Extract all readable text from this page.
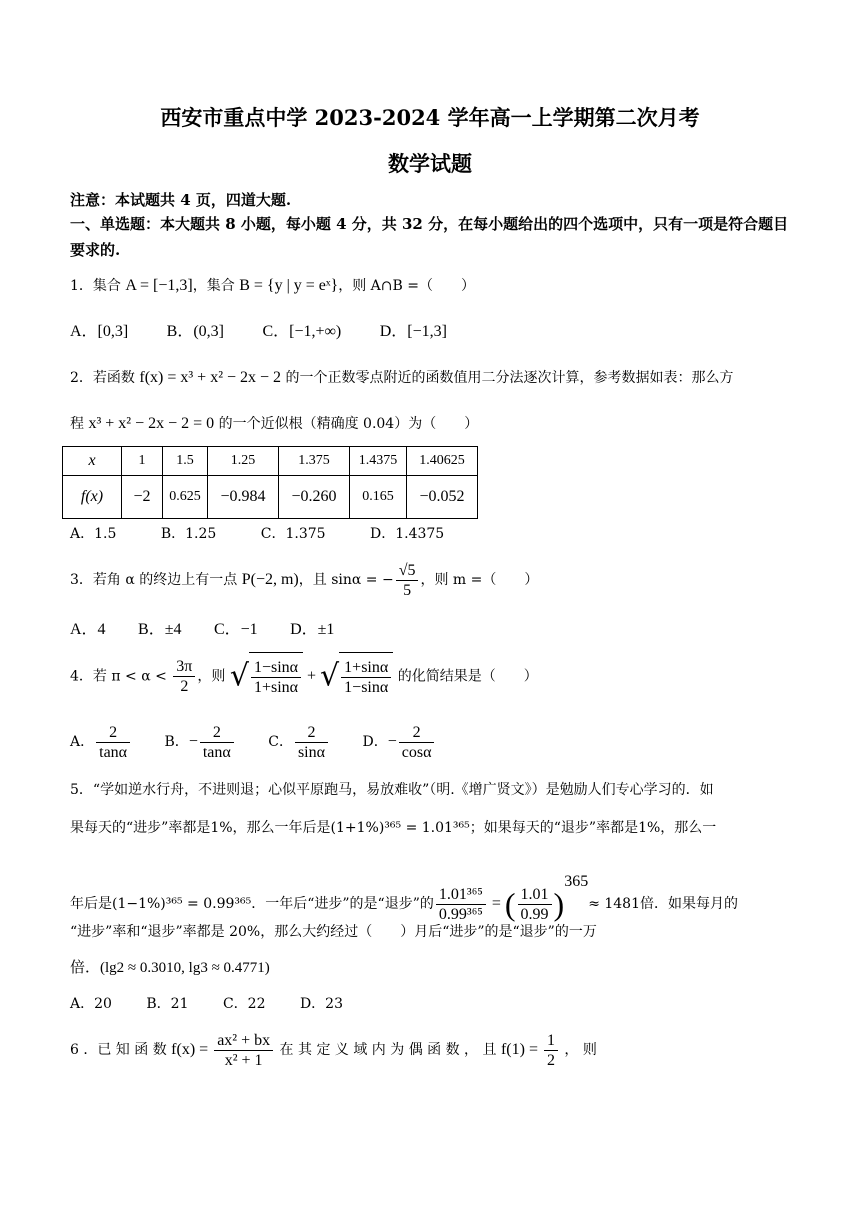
西安市重点中学 2023-2024 学年高一上学期第二次月考
数学试题
注意：本试题共 4 页，四道大题.
一、单选题：本大题共 8 小题，每小题 4 分，共 32 分，在每小题给出的四个选项中，只有一项是符合题目要求的.
1．集合 A = [−1,3]，集合 B = {y | y = eˣ}，则 A∩B =（　　）
A．[0,3] B．(0,3] C．[−1,+∞) D．[−1,3]
2．若函数 f(x) = x³ + x² − 2x − 2 的一个正数零点附近的函数值用二分法逐次计算，参考数据如表：那么方
程 x³ + x² − 2x − 2 = 0 的一个近似根（精确度 0.04）为（　　）
x	1	1.5	1.25	1.375	1.4375	1.40625
f(x)	−2	0.625	−0.984	−0.260	0.165	−0.052
A．1.5	B．1.25	C．1.375	D．1.4375
3．若角 α 的终边上有一点 P(−2, m)，且 sinα = − $\frac{√5}{5}$ ，则 m =（　　）
A．4 B．±4 C．−1 D．±1
4．若 $\pi < \alpha < \frac{3\pi}{2}$ ，则 √ $\frac{1-\sin\alpha}{1+\sin\alpha}$ + √ $\frac{1+\sin\alpha}{1-\sin\alpha}$ 的化简结果是（　　）
A． $\frac{2}{\tan\alpha}$ B．− $\frac{2}{\tan\alpha}$ C． $\frac{2}{\sin\alpha}$ D．− $\frac{2}{\cos\alpha}$
5．“学如逆水行舟，不进则退；心似平原跑马，易放难收”（明.《增广贤文》）是勉励人们专心学习的．如
果每天的“进步”率都是1%，那么一年后是(1+1%)³⁶⁵ = 1.01³⁶⁵；如果每天的“退步”率都是1%，那么一
年后是(1−1%)³⁶⁵ = 0.99³⁶⁵．一年后“进步”的是“退步”的 $\frac{\text{1.01³⁶⁵}}{\text{0.99³⁶⁵}}$ = ( $\frac{1.01}{0.99} )^{365}\approx 1481$倍．如果每月的
“进步”率和“退步”率都是 20%，那么大约经过（　　）月后“进步”的是“退步”的一万
倍．(lg2 ≈ 0.3010, lg3 ≈ 0.4771)
A．20 B．21 C．22 D．23
6 ．已 知 函 数 $f(x) = \frac{\text{ax² + bx}}{\text{x² + 1}}$ 在 其 定 义 域 内 为 偶 函 数 ， 且 $f(1) = \frac{1}{2}$ ， 则
